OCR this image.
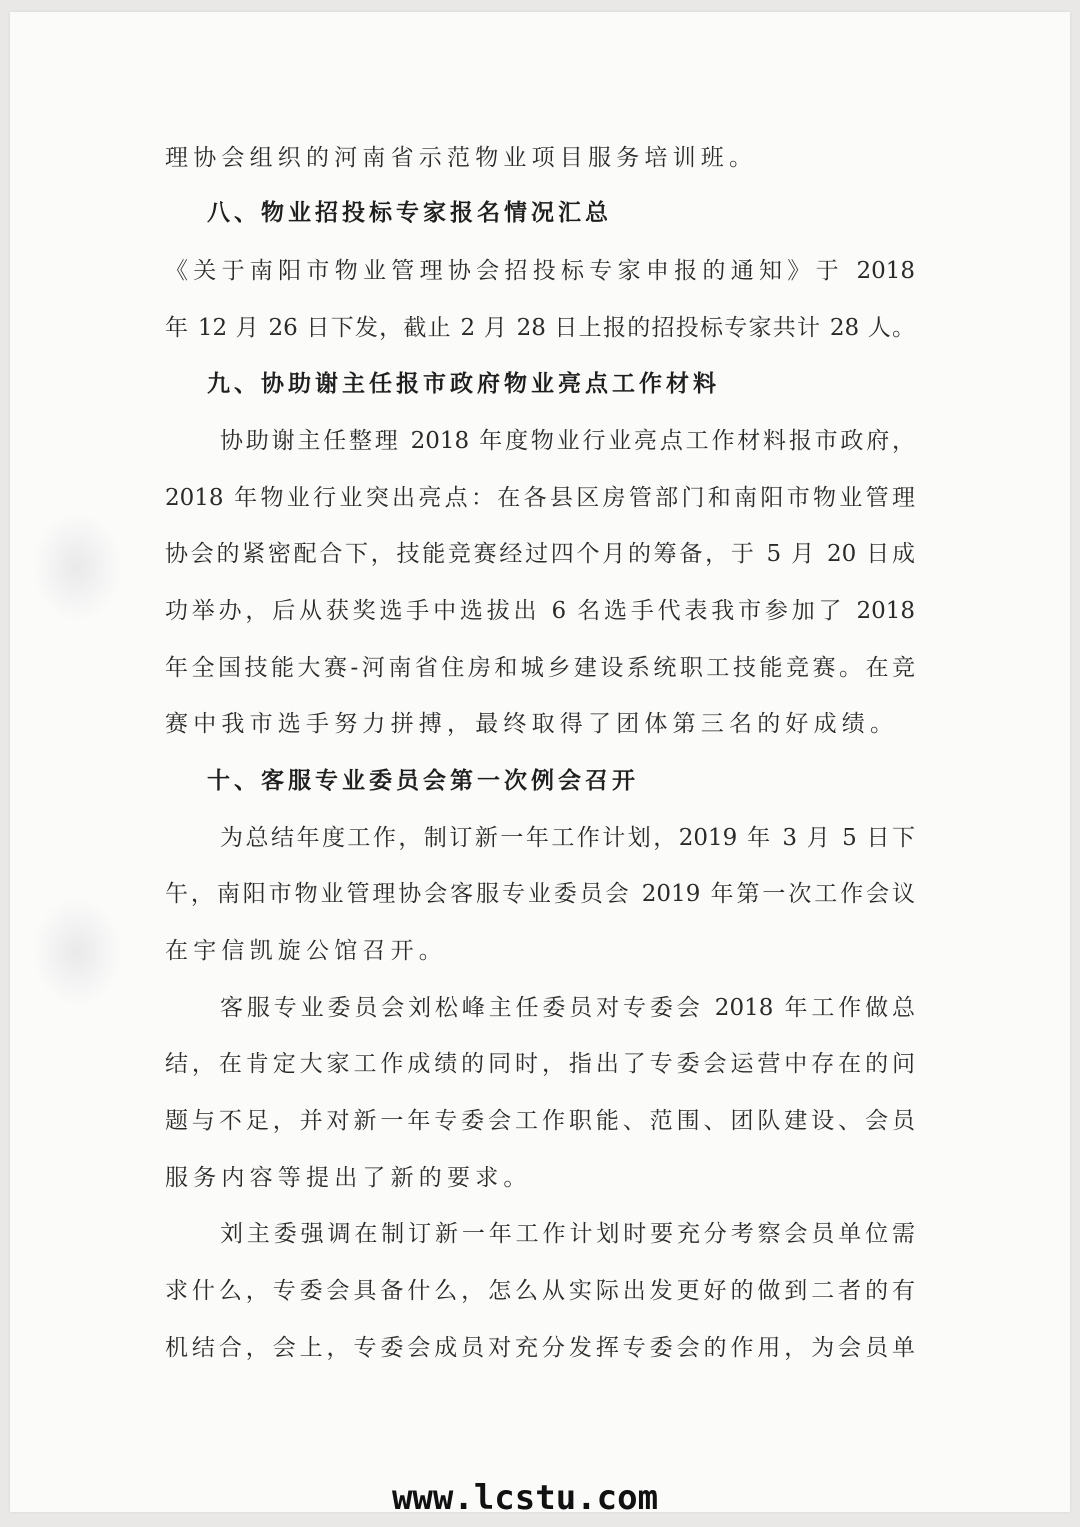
理协会组织的河南省示范物业项目服务培训班。
八、物业招投标专家报名情况汇总
《关于南阳市物业管理协会招投标专家申报的通知》于 2018
年 12 月 26 日下发，截止 2 月 28 日上报的招投标专家共计 28 人。
九、协助谢主任报市政府物业亮点工作材料
协助谢主任整理 2018 年度物业行业亮点工作材料报市政府，
2018 年物业行业突出亮点：在各县区房管部门和南阳市物业管理
协会的紧密配合下，技能竞赛经过四个月的筹备，于 5 月 20 日成
功举办，后从获奖选手中选拔出 6 名选手代表我市参加了 2018
年全国技能大赛-河南省住房和城乡建设系统职工技能竞赛。在竞
赛中我市选手努力拼搏，最终取得了团体第三名的好成绩。
十、客服专业委员会第一次例会召开
为总结年度工作，制订新一年工作计划，2019 年 3 月 5 日下
午，南阳市物业管理协会客服专业委员会 2019 年第一次工作会议
在宇信凯旋公馆召开。
客服专业委员会刘松峰主任委员对专委会 2018 年工作做总
结，在肯定大家工作成绩的同时，指出了专委会运营中存在的问
题与不足，并对新一年专委会工作职能、范围、团队建设、会员
服务内容等提出了新的要求。
刘主委强调在制订新一年工作计划时要充分考察会员单位需
求什么，专委会具备什么，怎么从实际出发更好的做到二者的有
机结合，会上，专委会成员对充分发挥专委会的作用，为会员单
www.lcstu.com
